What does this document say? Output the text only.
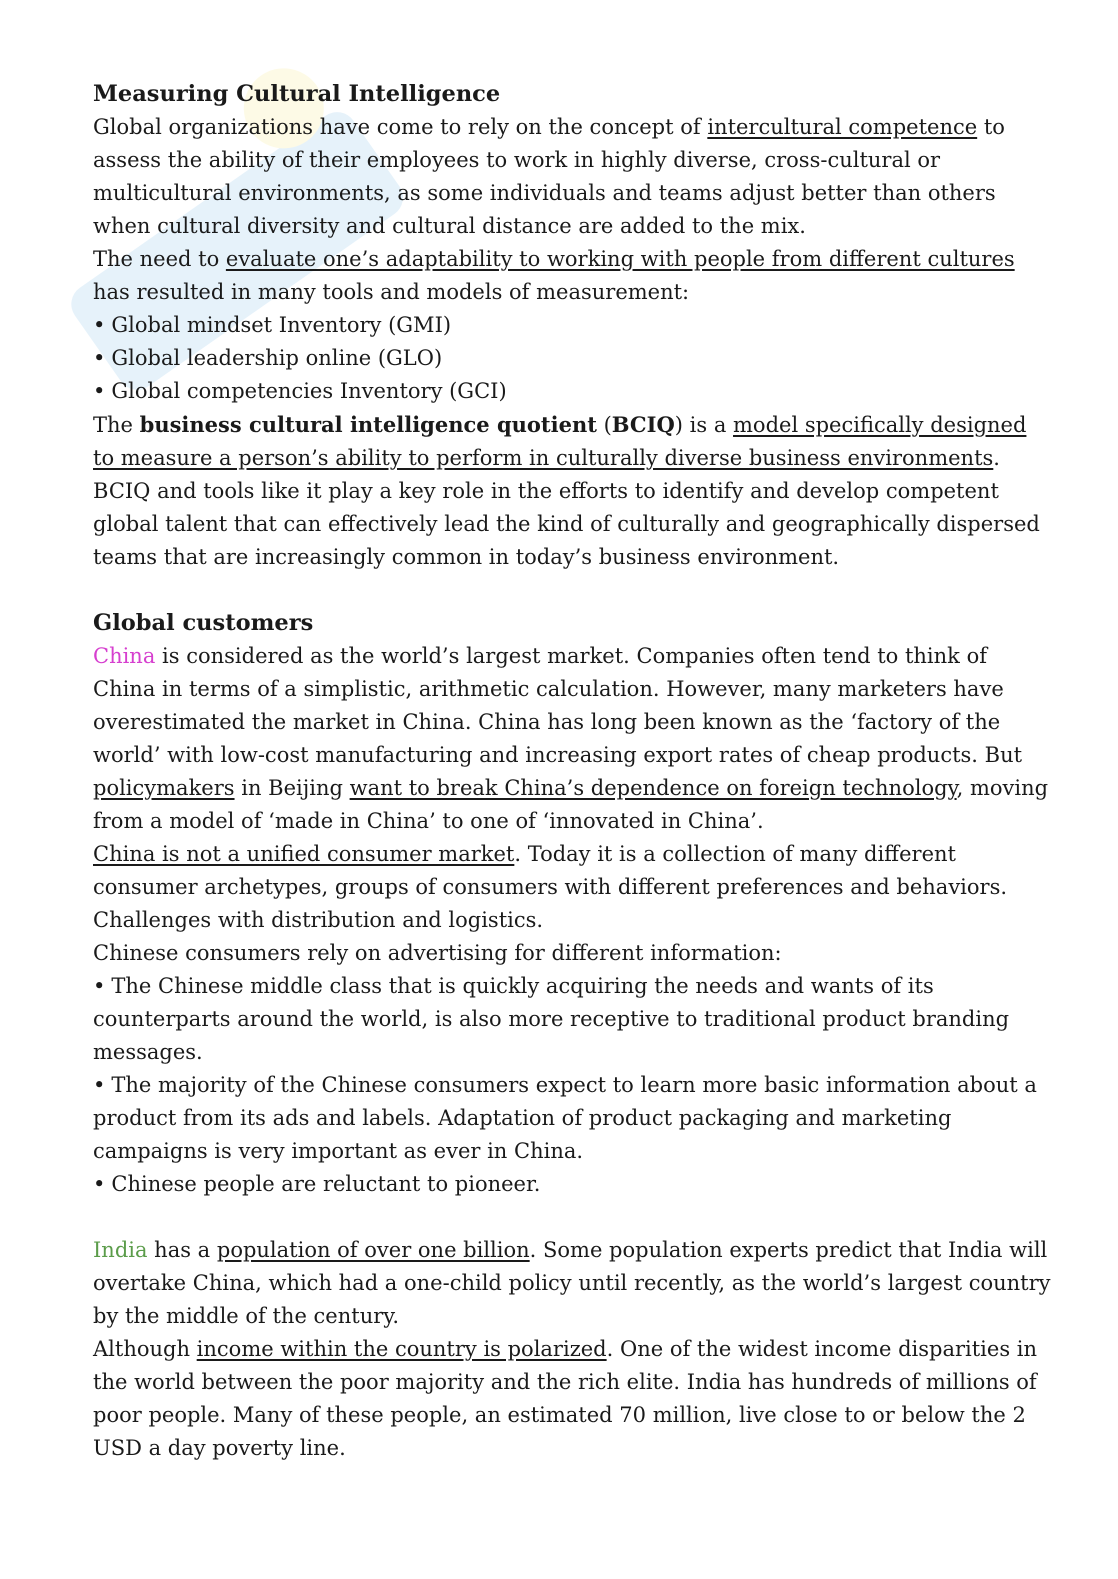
Measuring Cultural Intelligence

Global organizations have come to rely on the concept of intercultural competence to assess the ability of their employees to work in highly diverse, cross-cultural or multicultural environments, as some individuals and teams adjust better than others when cultural diversity and cultural distance are added to the mix.

The need to evaluate one’s adaptability to working with people from different cultures has resulted in many tools and models of measurement:

• Global mindset Inventory (GMI)

• Global leadership online (GLO)

• Global competencies Inventory (GCI)

The business cultural intelligence quotient (BCIQ) is a model specifically designed to measure a person’s ability to perform in culturally diverse business environments.

BCIQ and tools like it play a key role in the efforts to identify and develop competent global talent that can effectively lead the kind of culturally and geographically dispersed teams that are increasingly common in today’s business environment.

Global customers

China is considered as the world’s largest market. Companies often tend to think of China in terms of a simplistic, arithmetic calculation. However, many marketers have overestimated the market in China. China has long been known as the ‘factory of the world’ with low-cost manufacturing and increasing export rates of cheap products. But policymakers in Beijing want to break China’s dependence on foreign technology, moving from a model of ‘made in China’ to one of ‘innovated in China’.

China is not a unified consumer market. Today it is a collection of many different consumer archetypes, groups of consumers with different preferences and behaviors.

Challenges with distribution and logistics.

Chinese consumers rely on advertising for different information:

• The Chinese middle class that is quickly acquiring the needs and wants of its counterparts around the world, is also more receptive to traditional product branding messages.

• The majority of the Chinese consumers expect to learn more basic information about a product from its ads and labels. Adaptation of product packaging and marketing campaigns is very important as ever in China.

• Chinese people are reluctant to pioneer.

India has a population of over one billion. Some population experts predict that India will overtake China, which had a one-child policy until recently, as the world’s largest country by the middle of the century.

Although income within the country is polarized. One of the widest income disparities in the world between the poor majority and the rich elite. India has hundreds of millions of poor people. Many of these people, an estimated 70 million, live close to or below the 2 USD a day poverty line.
